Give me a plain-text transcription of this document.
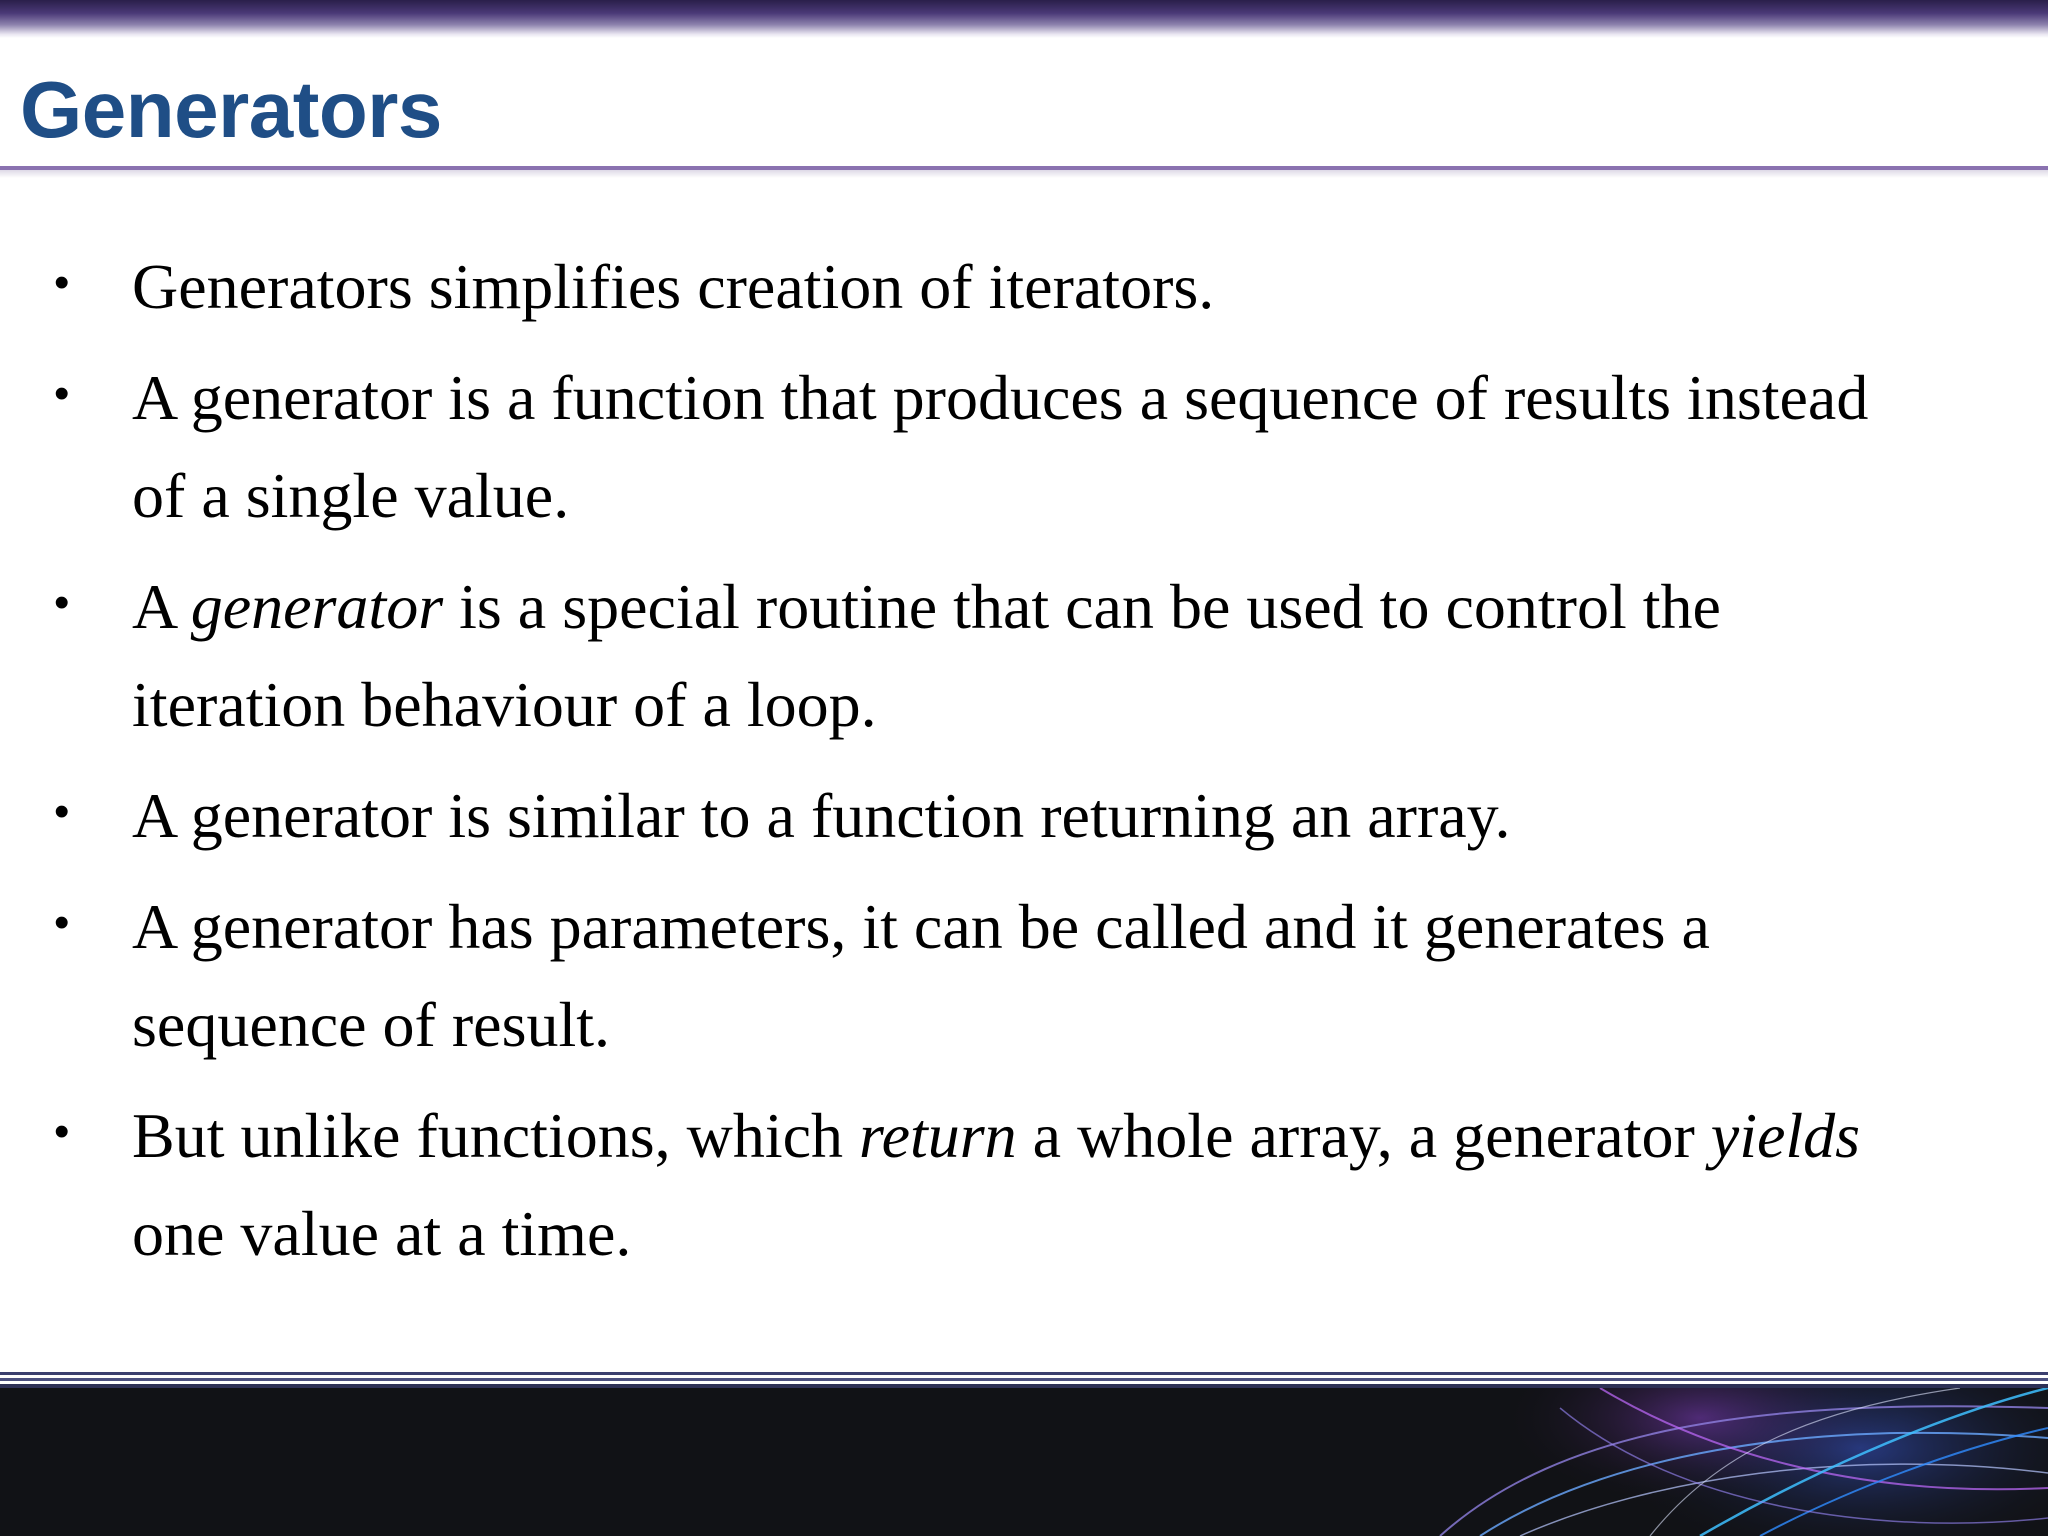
Generators
• Generators simplifies creation of iterators.
• A generator is a function that produces a sequence of results instead of a single value.
• A generator is a special routine that can be used to control the iteration behaviour of a loop.
• A generator is similar to a function returning an array.
• A generator has parameters, it can be called and it generates a sequence of result.
• But unlike functions, which return a whole array, a generator yields one value at a time.
